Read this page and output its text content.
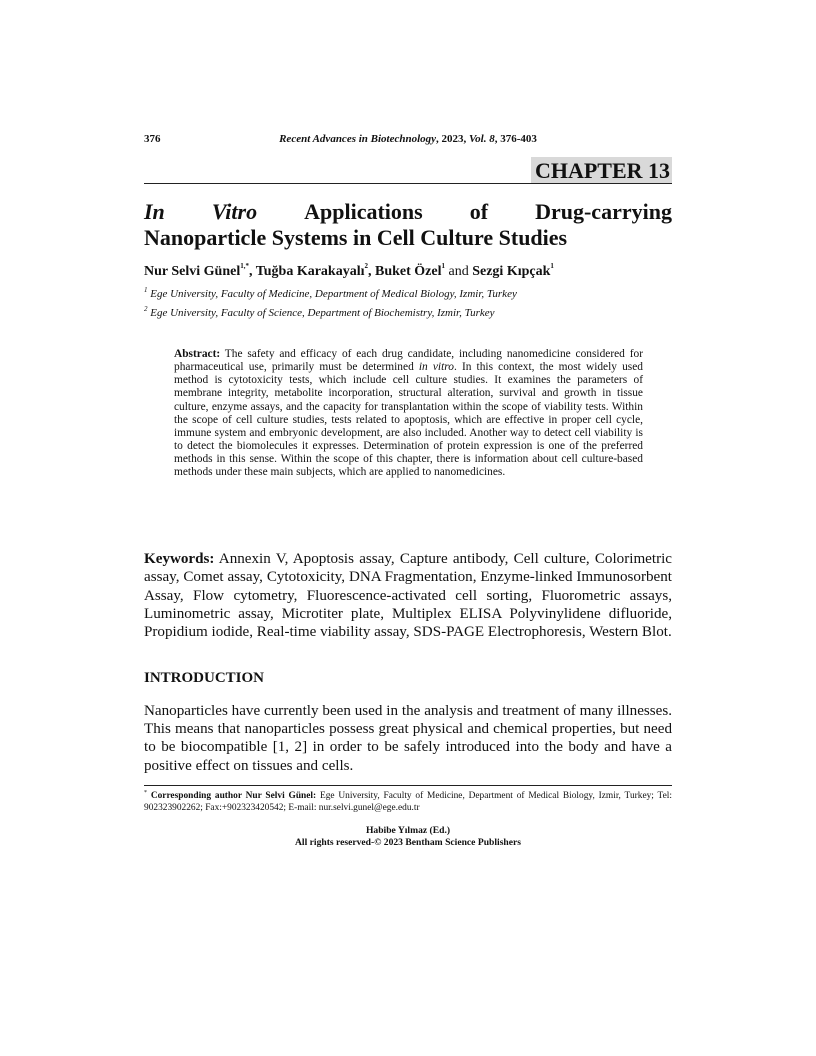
376	Recent Advances in Biotechnology, 2023, Vol. 8, 376-403
CHAPTER 13
In Vitro Applications of Drug-carrying
Nanoparticle Systems in Cell Culture Studies
Nur Selvi Günel$^{1,*}$, Tuğba Karakayalı$^2$, Buket Özel$^1$ and Sezgi Kıpçak$^1$
$^1$ Ege University, Faculty of Medicine, Department of Medical Biology, Izmir, Turkey
$^2$ Ege University, Faculty of Science, Department of Biochemistry, Izmir, Turkey
Abstract: The safety and efficacy of each drug candidate, including nanomedicine considered for pharmaceutical use, primarily must be determined in vitro. In this context, the most widely used method is cytotoxicity tests, which include cell culture studies. It examines the parameters of membrane integrity, metabolite incorporation, structural alteration, survival and growth in tissue culture, enzyme assays, and the capacity for transplantation within the scope of viability tests. Within the scope of cell culture studies, tests related to apoptosis, which are effective in proper cell cycle, immune system and embryonic development, are also included. Another way to detect cell viability is to detect the biomolecules it expresses. Determination of protein expression is one of the preferred methods in this sense. Within the scope of this chapter, there is information about cell culture-based methods under these main subjects, which are applied to nanomedicines.
Keywords: Annexin V, Apoptosis assay, Capture antibody, Cell culture, Colorimetric assay, Comet assay, Cytotoxicity, DNA Fragmentation, Enzyme-linked Immunosorbent Assay, Flow cytometry, Fluorescence-activated cell sorting, Fluorometric assays, Luminometric assay, Microtiter plate, Multiplex ELISA Polyvinylidene difluoride, Propidium iodide, Real-time viability assay, SDS-PAGE Electrophoresis, Western Blot.
INTRODUCTION
Nanoparticles have currently been used in the analysis and treatment of many illnesses. This means that nanoparticles possess great physical and chemical properties, but need to be biocompatible [1, 2] in order to be safely introduced into the body and have a positive effect on tissues and cells.
* Corresponding author Nur Selvi Günel: Ege University, Faculty of Medicine, Department of Medical Biology, Izmir, Turkey; Tel: 902323902262; Fax:+902323420542; E-mail: nur.selvi.gunel@ege.edu.tr
Habibe Yılmaz (Ed.)
All rights reserved-© 2023 Bentham Science Publishers
